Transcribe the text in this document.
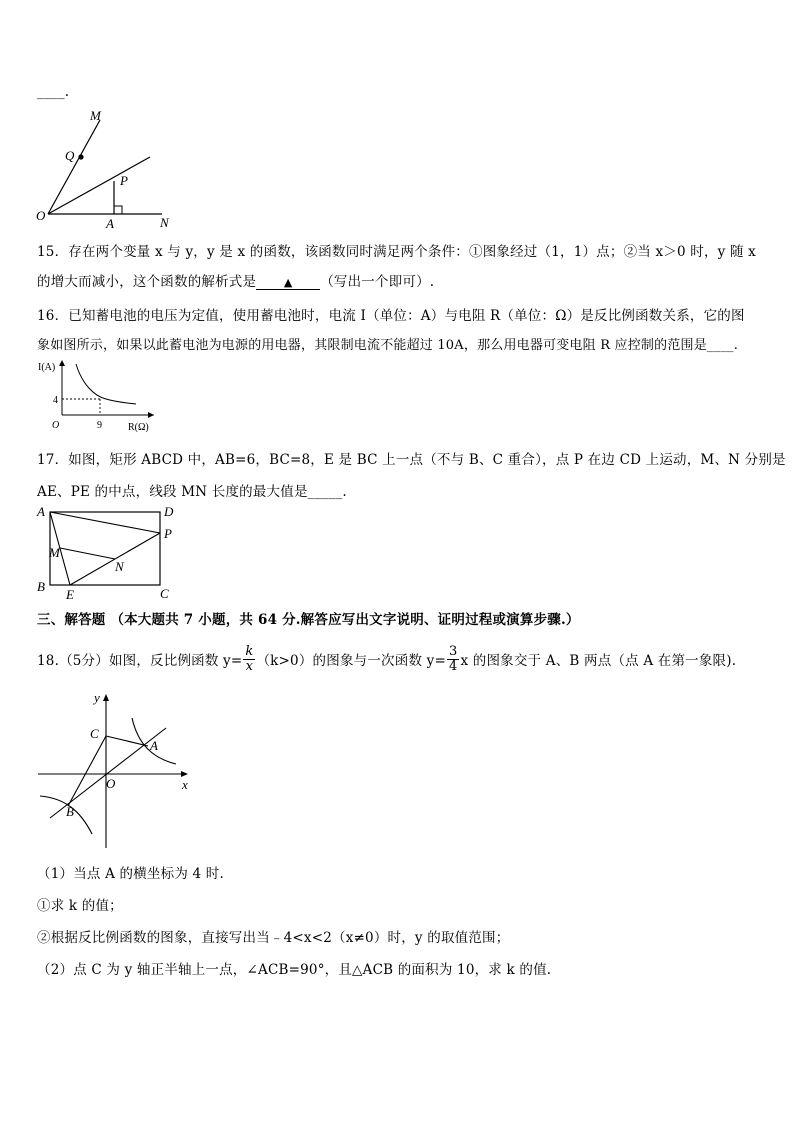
____.
M
Q
P
O
A	N
15．存在两个变量 x 与 y，y 是 x 的函数，该函数同时满足两个条件：①图象经过（1，1）点；②当 x＞0 时，y 随 x
的增大而减小，这个函数的解析式是	▲ （写出一个即可）.
16．已知蓄电池的电压为定值，使用蓄电池时，电流 I（单位：A）与电阻 R（单位：Ω）是反比例函数关系，它的图
象如图所示，如果以此蓄电池为电源的用电器，其限制电流不能超过 10A，那么用电器可变电阻 R 应控制的范围是____.
I(A)
R(Ω)
O
4
9
17．如图，矩形 ABCD 中，AB=6，BC=8，E 是 BC 上一点（不与 B、C 重合），点 P 在边 CD 上运动，M、N 分别是
AE、PE 的中点，线段 MN 长度的最大值是_____.
A	D
P
M
N
B
E	C
三、解答题 （本大题共 7 小题，共 64 分.解答应写出文字说明、证明过程或演算步骤.）
18.（5分）如图，反比例函数 $y= \frac{k}{x} (k>0)$的图象与一次函数 $y= \frac{3}{4}$ x 的图象交于 A、B 两点（点 A 在第一象限).
y
x
C
A
O
B
（1）当点 A 的横坐标为 4 时.
①求 k 的值；
②根据反比例函数的图象，直接写出当﹣4<x<2（x≠0）时，y 的取值范围；
（2）点 C 为 y 轴正半轴上一点，∠ACB=90°，且△ACB 的面积为 10，求 k 的值.
